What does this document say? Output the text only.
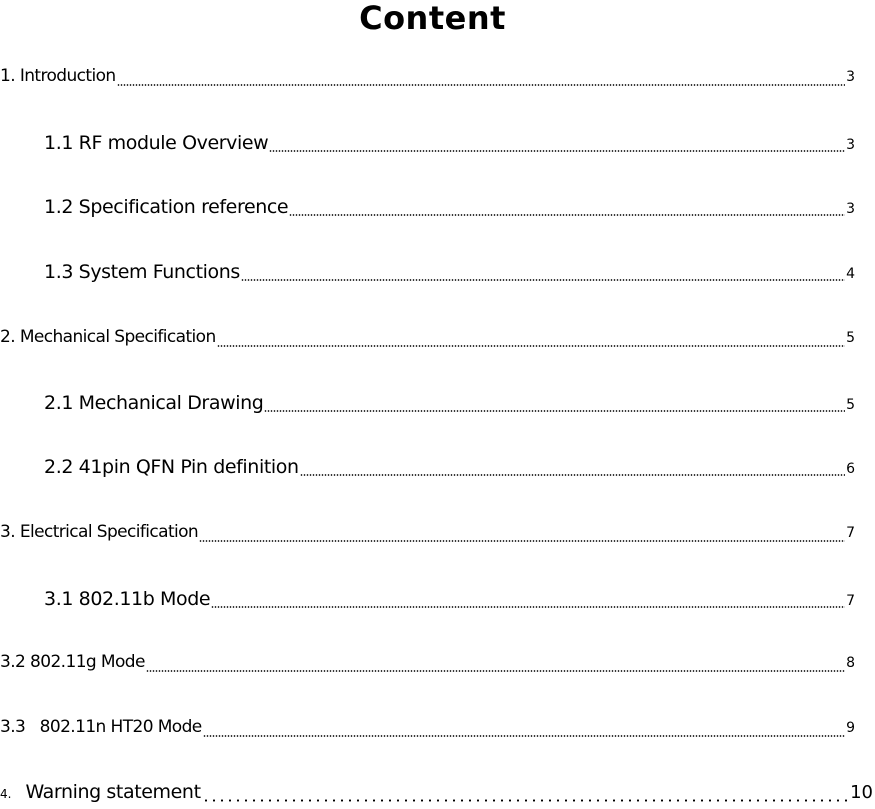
Content
1. Introduction	3
1.1 RF module Overview	3
1.2 Specification reference	3
1.3 System Functions	4
2. Mechanical Specification	5
2.1 Mechanical Drawing	5
2.2 41pin QFN Pin definition	6
3. Electrical Specification	7
3.1 802.11b Mode	7
3.2 802.11g Mode	8
3.3   802.11n HT20 Mode	9
4. Warning statement	10
